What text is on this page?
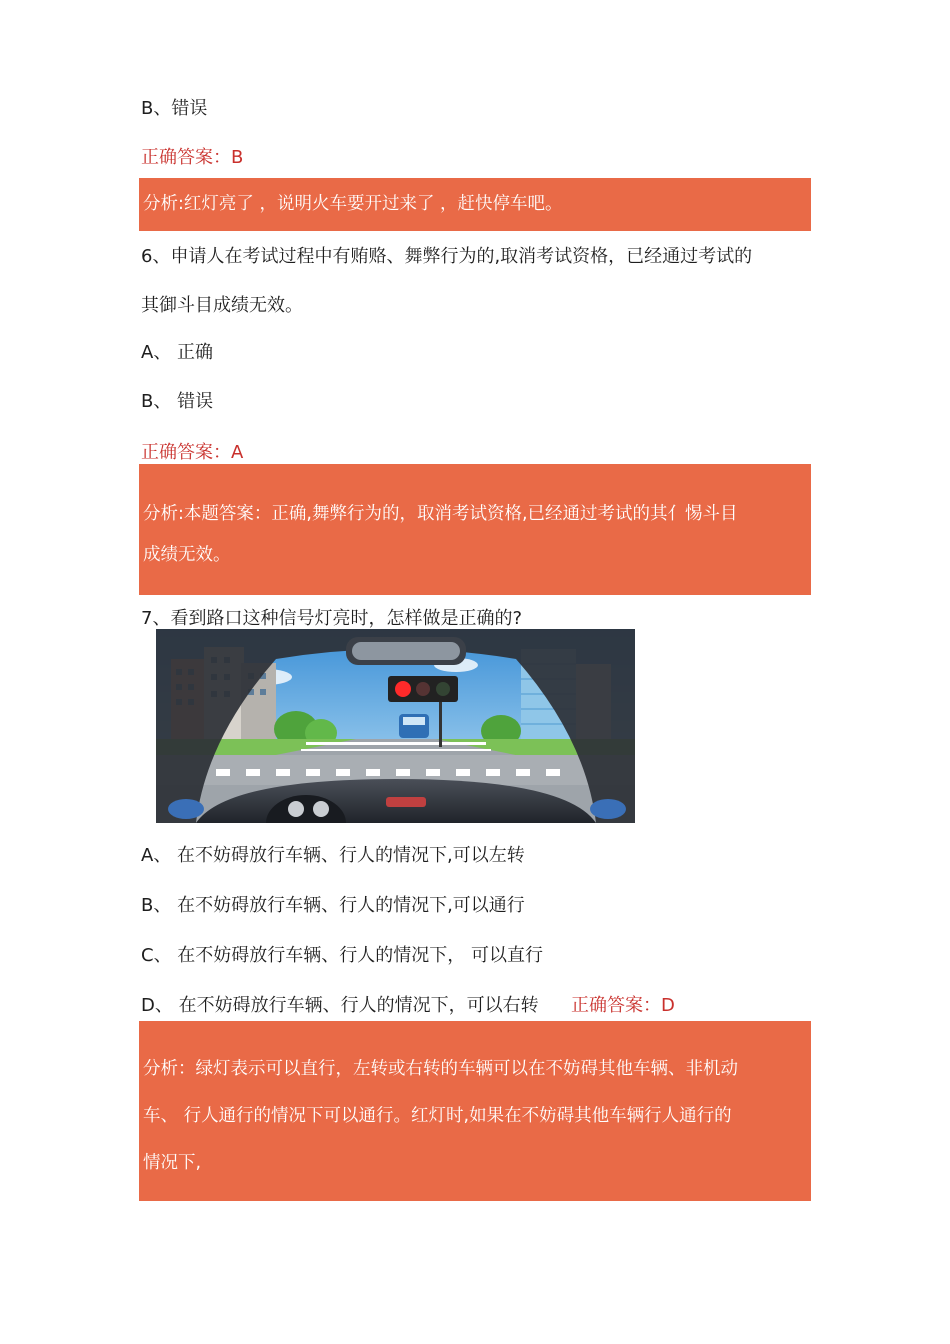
B、错误
正确答案：B
分析:红灯亮了 ，说明火车要开过来了 ，赶快停车吧。
6、申请人在考试过程中有贿赂、舞弊行为的,取消考试资格，已经通过考试的
其御斗目成绩无效。
A、 正确
B、 错误
正确答案：A
分析:本题答案：正确,舞弊行为的，取消考试资格,已经通过考试的其亻惕斗目
成绩无效。
7、看到路口这种信号灯亮时，怎样做是正确的?
A、 在不妨碍放行车辆、行人的情况下,可以左转
B、 在不妨碍放行车辆、行人的情况下,可以通行
C、 在不妨碍放行车辆、行人的情况下， 可以直行
D、 在不妨碍放行车辆、行人的情况下，可以右转 正确答案：D
分析：绿灯表示可以直行，左转或右转的车辆可以在不妨碍其他车辆、非机动
车、 行人通行的情况下可以通行。红灯时,如果在不妨碍其他车辆行人通行的
情况下,
